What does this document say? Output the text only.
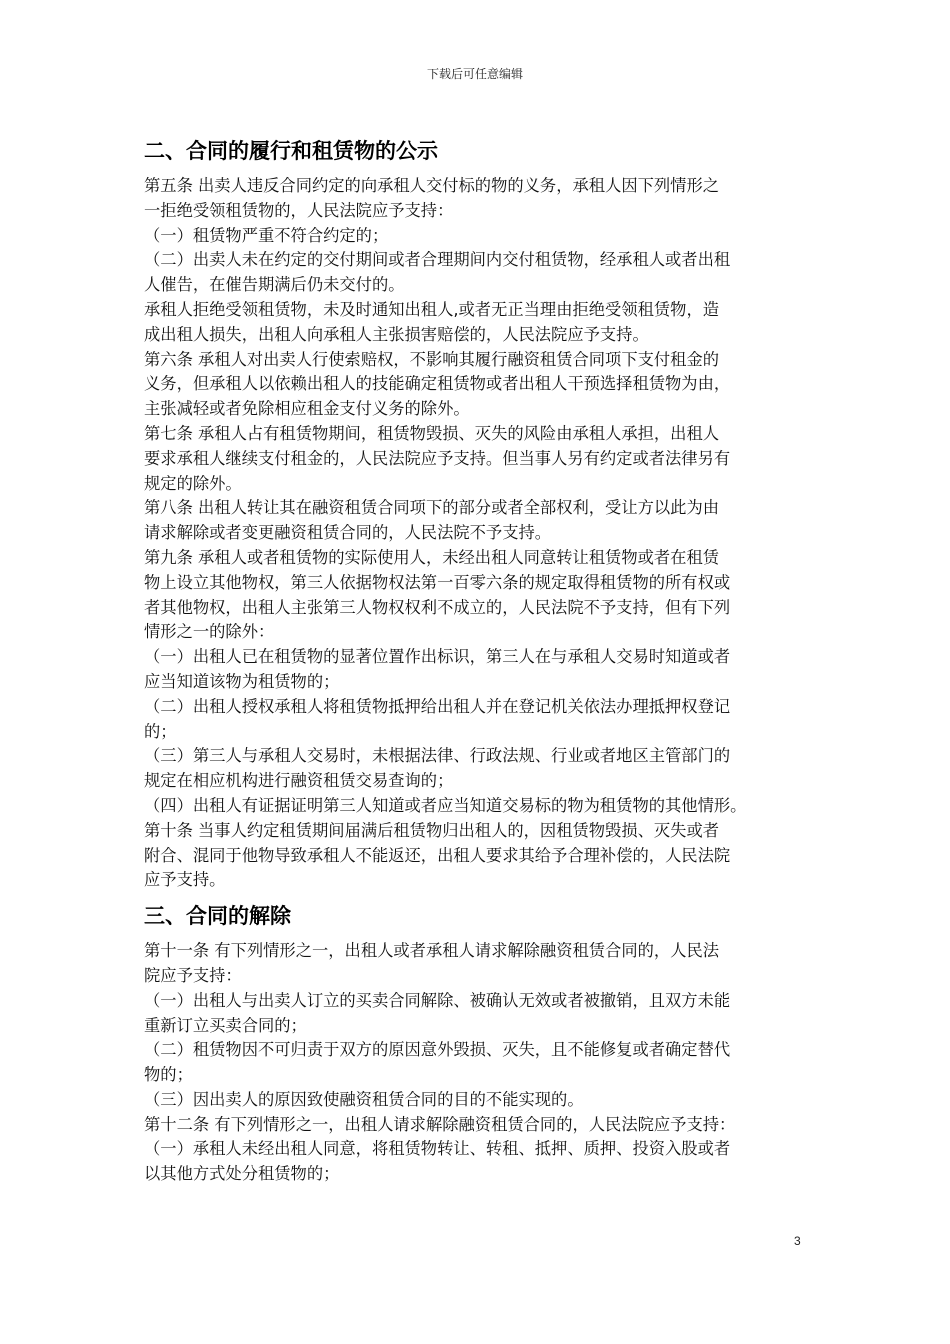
下载后可任意编辑
二、合同的履行和租赁物的公示
第五条 出卖人违反合同约定的向承租人交付标的物的义务，承租人因下列情形之
一拒绝受领租赁物的，人民法院应予支持：
（一）租赁物严重不符合约定的；
（二）出卖人未在约定的交付期间或者合理期间内交付租赁物，经承租人或者出租
人催告，在催告期满后仍未交付的。
承租人拒绝受领租赁物，未及时通知出租人,或者无正当理由拒绝受领租赁物，造
成出租人损失，出租人向承租人主张损害赔偿的，人民法院应予支持。
第六条 承租人对出卖人行使索赔权，不影响其履行融资租赁合同项下支付租金的
义务，但承租人以依赖出租人的技能确定租赁物或者出租人干预选择租赁物为由，
主张减轻或者免除相应租金支付义务的除外。
第七条 承租人占有租赁物期间，租赁物毁损、灭失的风险由承租人承担，出租人
要求承租人继续支付租金的，人民法院应予支持。但当事人另有约定或者法律另有
规定的除外。
第八条 出租人转让其在融资租赁合同项下的部分或者全部权利，受让方以此为由
请求解除或者变更融资租赁合同的，人民法院不予支持。
第九条 承租人或者租赁物的实际使用人，未经出租人同意转让租赁物或者在租赁
物上设立其他物权，第三人依据物权法第一百零六条的规定取得租赁物的所有权或
者其他物权，出租人主张第三人物权权利不成立的，人民法院不予支持，但有下列
情形之一的除外：
（一）出租人已在租赁物的显著位置作出标识，第三人在与承租人交易时知道或者
应当知道该物为租赁物的；
（二）出租人授权承租人将租赁物抵押给出租人并在登记机关依法办理抵押权登记
的；
（三）第三人与承租人交易时，未根据法律、行政法规、行业或者地区主管部门的
规定在相应机构进行融资租赁交易查询的；
（四）出租人有证据证明第三人知道或者应当知道交易标的物为租赁物的其他情形。
第十条 当事人约定租赁期间届满后租赁物归出租人的，因租赁物毁损、灭失或者
附合、混同于他物导致承租人不能返还，出租人要求其给予合理补偿的，人民法院
应予支持。
三、合同的解除
第十一条 有下列情形之一，出租人或者承租人请求解除融资租赁合同的，人民法
院应予支持：
（一）出租人与出卖人订立的买卖合同解除、被确认无效或者被撤销，且双方未能
重新订立买卖合同的；
（二）租赁物因不可归责于双方的原因意外毁损、灭失，且不能修复或者确定替代
物的；
（三）因出卖人的原因致使融资租赁合同的目的不能实现的。
第十二条 有下列情形之一，出租人请求解除融资租赁合同的，人民法院应予支持：
（一）承租人未经出租人同意，将租赁物转让、转租、抵押、质押、投资入股或者
以其他方式处分租赁物的；
3
